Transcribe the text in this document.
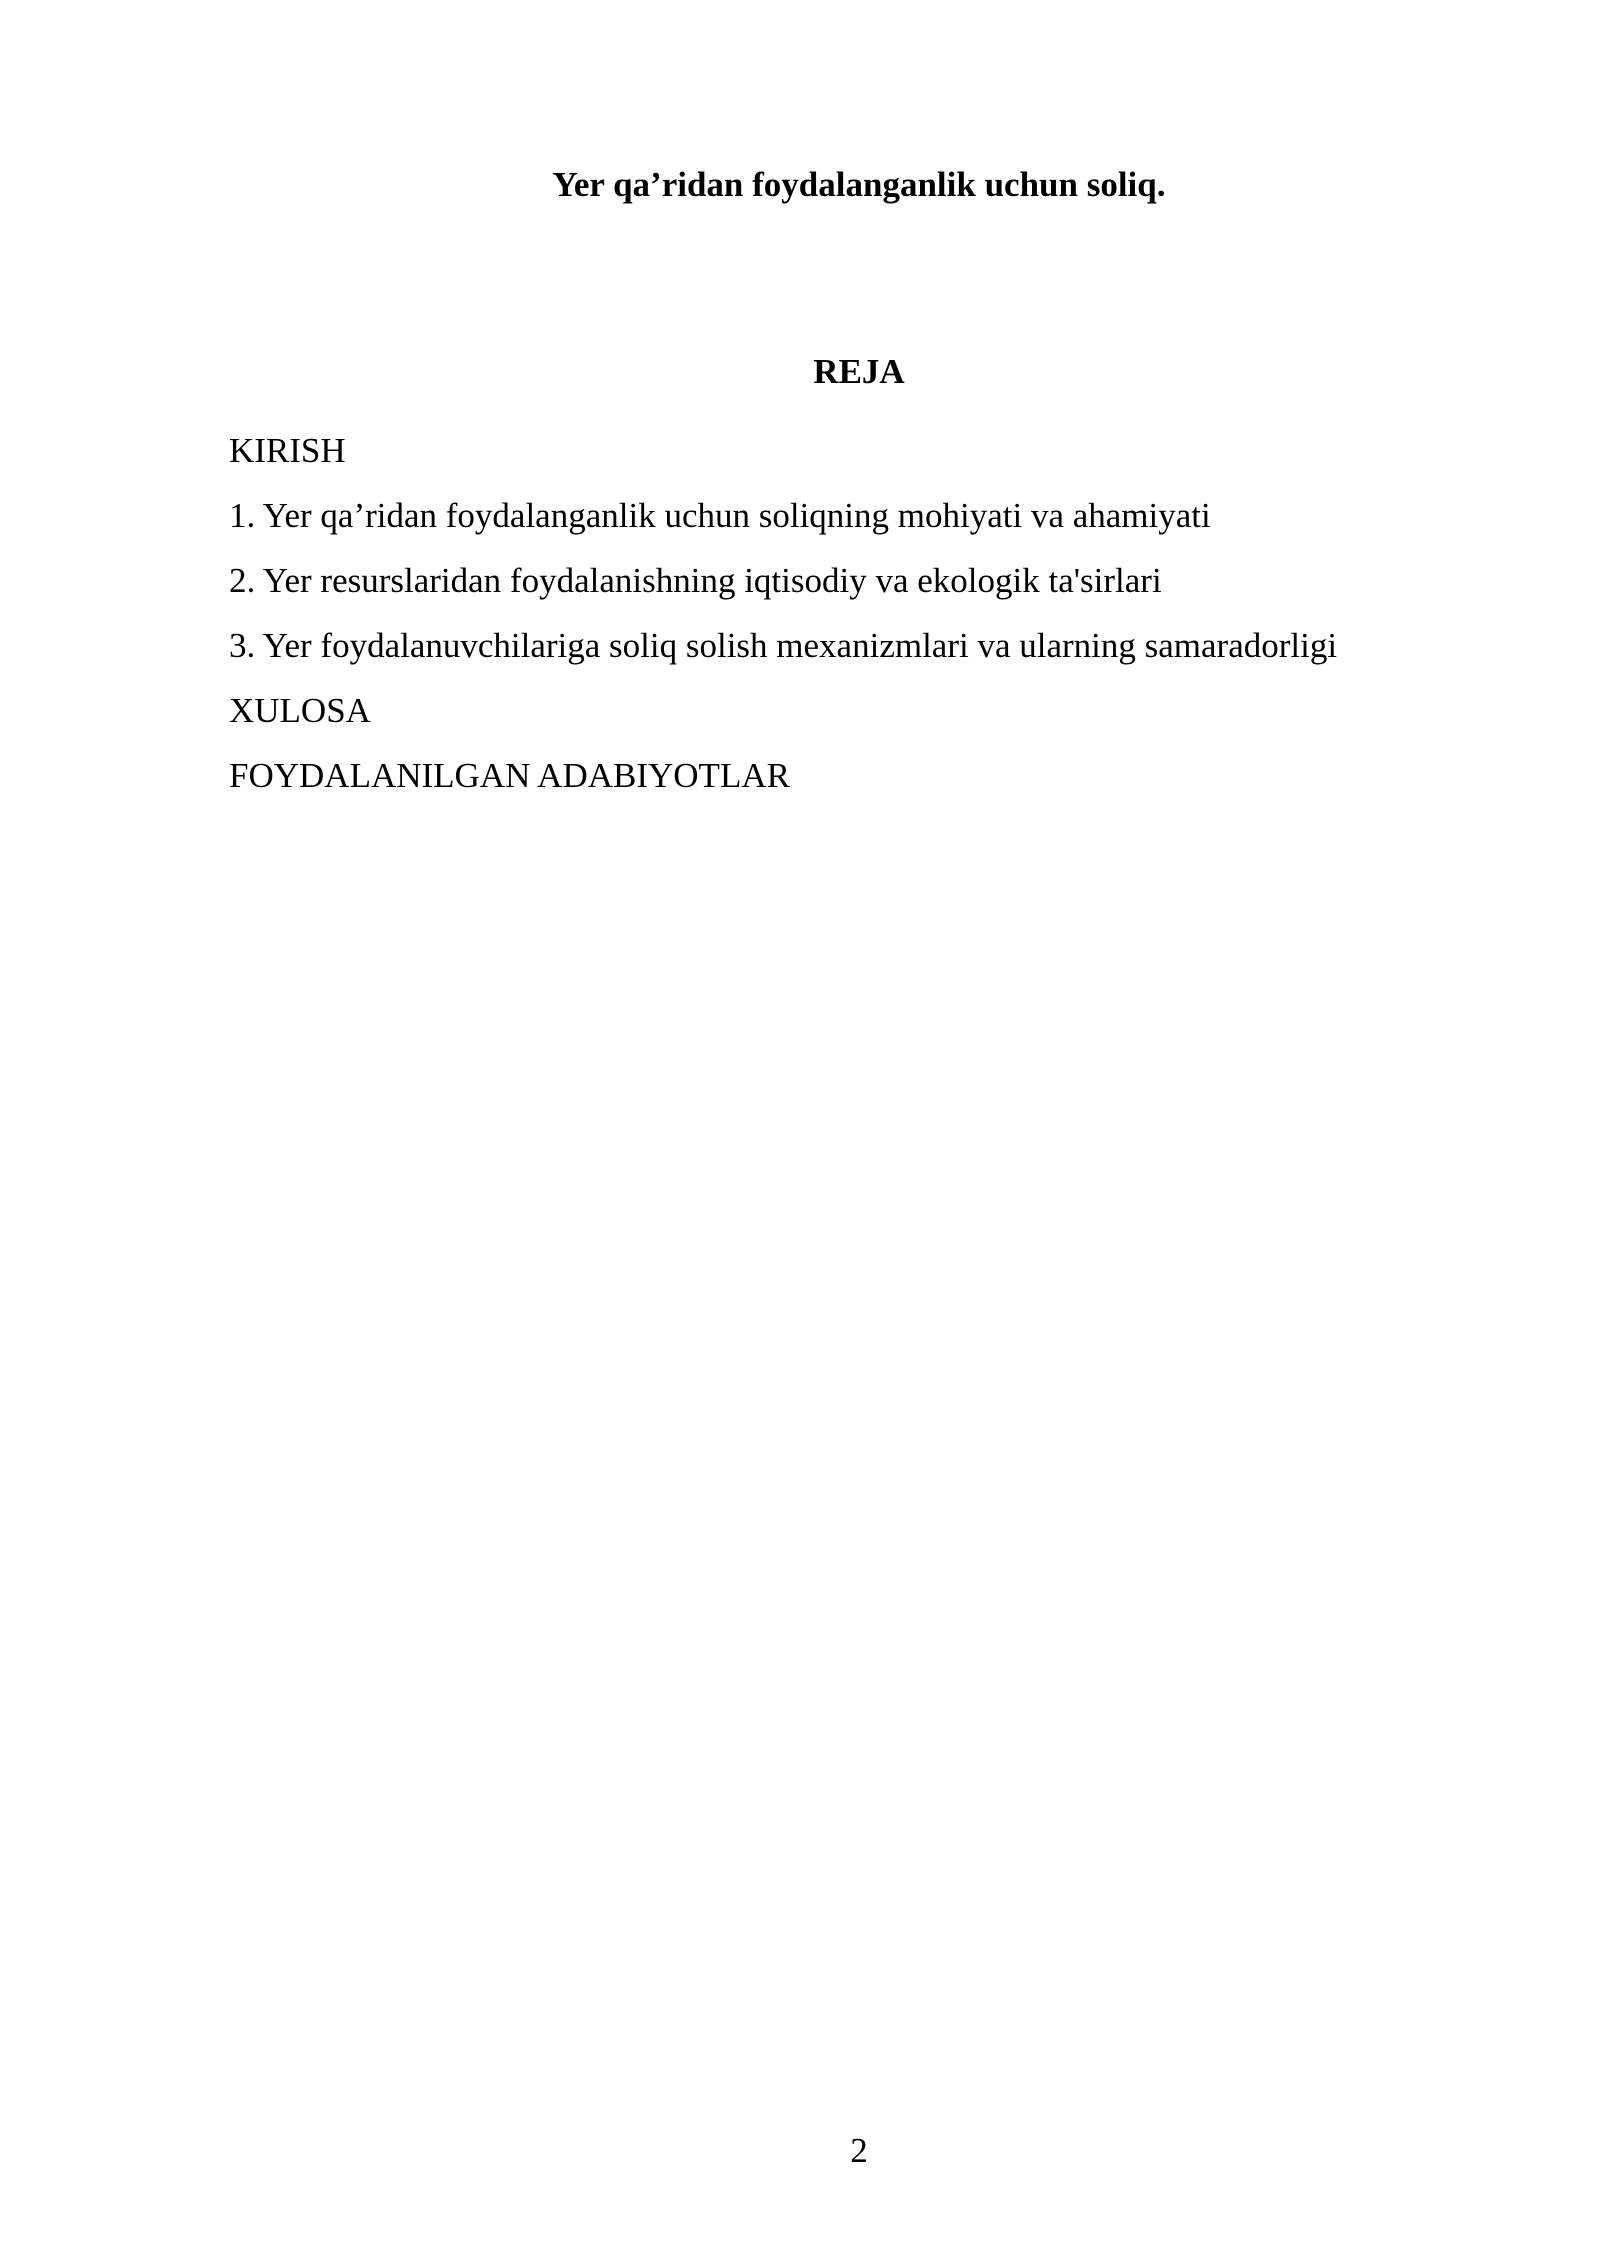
Yer qa’ridan foydalanganlik uchun soliq.
REJA
KIRISH
1. Yer qa’ridan foydalanganlik uchun soliqning mohiyati va ahamiyati
2. Yer resurslaridan foydalanishning iqtisodiy va ekologik ta'sirlari
3. Yer foydalanuvchilariga soliq solish mexanizmlari va ularning samaradorligi
XULOSA
FOYDALANILGAN ADABIYOTLAR
2
